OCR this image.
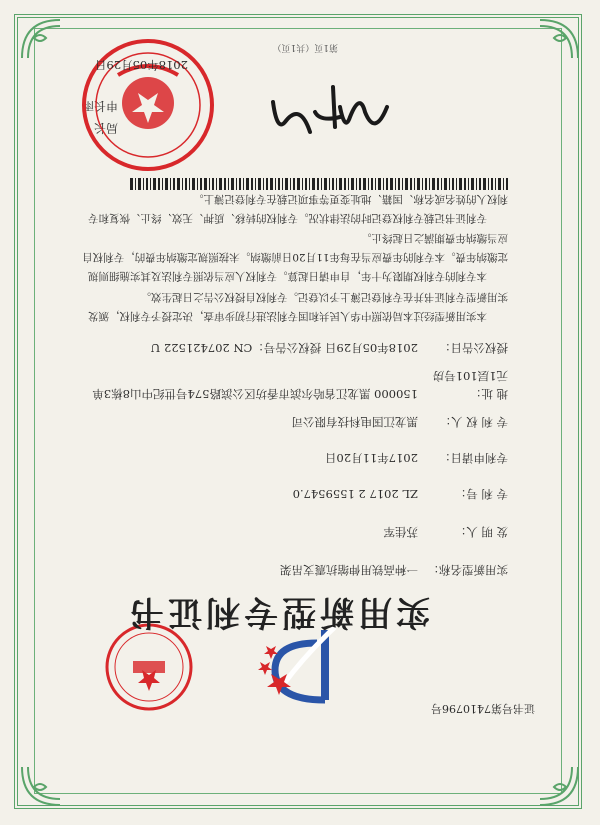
证书号第7410796号
实用新型专利证书
实用新型名称：一种高铁用伸缩抗震支吊架
发 明 人：苏佳军
专 利 号：ZL 2017 2 1559547.0
专利申请日：2017年11月20日
专 利 权 人：黑龙江国电科技有限公司
地 址：150000 黑龙江省哈尔滨市香坊区公滨路574号世纪中山8栋3单元1层101号房
授权公告日：2018年05月29日 授权公告号：CN 207421522 U
本实用新型经过本局依照中华人民共和国专利法进行初步审查，决定授予专利权，颁发实用新型专利证书并在专利登记簿上予以登记。专利权自授权公告之日起生效。
本专利的专利权期限为十年，自申请日起算。专利权人应当依照专利法及其实施细则规定缴纳年费。本专利的年费应当在每年11月20日前缴纳。未按照规定缴纳年费的，专利权自应当缴纳年费期满之日起终止。
专利证书记载专利权登记时的法律状况。专利权的转移、质押、无效、终止、恢复和专利权人的姓名或名称、国籍、地址变更等事项记载在专利登记簿上。
局长
申长雨
2018年05月29日
第1页（共1页）
